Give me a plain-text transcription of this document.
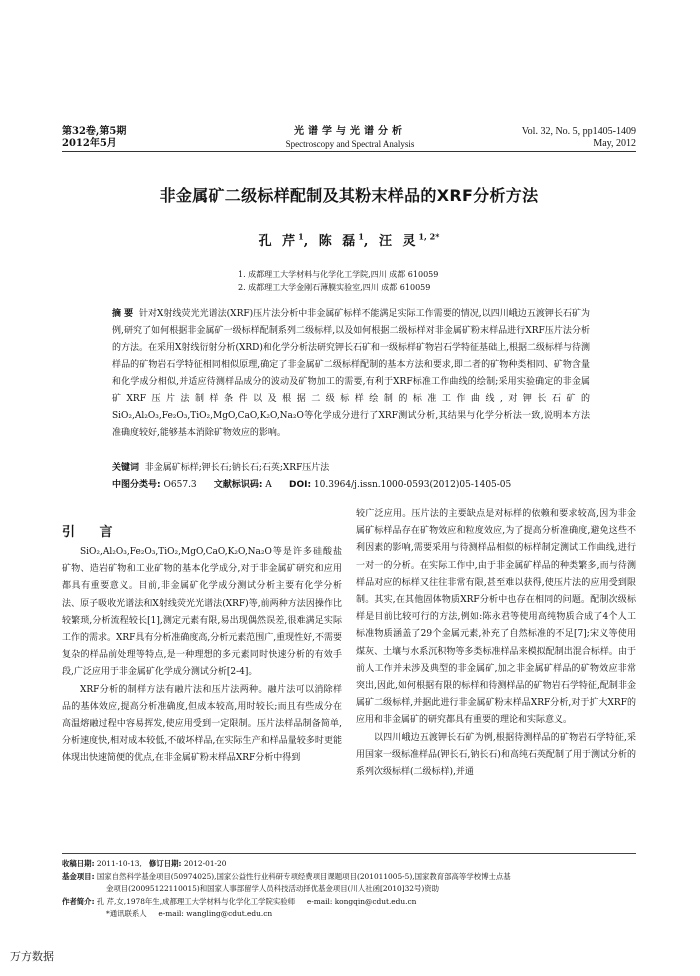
第32卷,第5期
2012年5月
光谱学与光谱分析
Spectroscopy and Spectral Analysis
Vol. 32, No. 5, pp1405-1409
May, 2012
非金属矿二级标样配制及其粉末样品的XRF分析方法
孔 芹$^1$, 陈 磊$^1$, 汪 灵$^{1, 2*}$
1. 成都理工大学材料与化学化工学院,四川 成都 610059
2. 成都理工大学金刚石薄膜实验室,四川 成都 610059
摘 要 针对X射线荧光光谱法(XRF)压片法分析中非金属矿标样不能满足实际工作需要的情况,以四川峨边五渡钾长石矿为例,研究了如何根据非金属矿一级标样配制系列二级标样,以及如何根据二级标样对非金属矿粉末样品进行XRF压片法分析的方法。在采用X射线衍射分析(XRD)和化学分析法研究钾长石矿和一级标样矿物岩石学特征基础上,根据二级标样与待测样品的矿物岩石学特征相同相似原理,确定了非金属矿二级标样配制的基本方法和要求,即二者的矿物种类相同、矿物含量和化学成分相似,并适应待测样品成分的波动及矿物加工的需要,有利于XRF标准工作曲线的绘制;采用实验确定的非金属矿XRF压片法制样条件以及根据二级标样绘制的标准工作曲线,对钾长石矿的SiO₂,Al₂O₃,Fe₂O₃,TiO₂,MgO,CaO,K₂O,Na₂O等化学成分进行了XRF测试分析,其结果与化学分析法一致,说明本方法准确度较好,能够基本消除矿物效应的影响。
关键词 非金属矿标样;钾长石;钠长石;石英;XRF压片法
中图分类号: O657.3 文献标识码: A DOI: 10.3964/j.issn.1000-0593(2012)05-1405-05
引 言

SiO₂,Al₂O₃,Fe₂O₃,TiO₂,MgO,CaO,K₂O,Na₂O等是许多硅酸盐矿物、造岩矿物和工业矿物的基本化学成分,对于非金属矿研究和应用都具有重要意义。目前,非金属矿化学成分测试分析主要有化学分析法、原子吸收光谱法和X射线荧光光谱法(XRF)等,前两种方法因操作比较繁琐,分析流程较长[1],测定元素有限,易出现偶然误差,很难满足实际工作的需求。XRF具有分析准确度高,分析元素范围广,重现性好,不需要复杂的样品前处理等特点,是一种理想的多元素同时快速分析的有效手段,广泛应用于非金属矿化学成分测试分析[2-4]。

XRF分析的制样方法有融片法和压片法两种。融片法可以消除样品的基体效应,提高分析准确度,但成本较高,用时较长;而且有些成分在高温熔融过程中容易挥发,使应用受到一定限制。压片法样品制备简单,分析速度快,相对成本较低,不破坏样品,在实际生产和样品量较多时更能体现出快速简便的优点,在非金属矿粉末样品XRF分析中得到

较广泛应用。压片法的主要缺点是对标样的依赖和要求较高,因为非金属矿标样品存在矿物效应和粒度效应,为了提高分析准确度,避免这些不利因素的影响,需要采用与待测样品相似的标样制定测试工作曲线,进行一对一的分析。在实际工作中,由于非金属矿样品的种类繁多,而与待测样品对应的标样又往往非常有限,甚至难以获得,使压片法的应用受到限制。其实,在其他固体物质XRF分析中也存在相同的问题。配制次级标样是目前比较可行的方法,例如:陈永君等使用高纯物质合成了4个人工标准物质涵盖了29个金属元素,补充了自然标准的不足[7];宋义等使用煤灰、土壤与水系沉积物等多类标准样品来模拟配制出混合标样。由于前人工作并未涉及典型的非金属矿,加之非金属矿样品的矿物效应非常突出,因此,如何根据有限的标样和待测样品的矿物岩石学特征,配制非金属矿二级标样,并据此进行非金属矿粉末样品XRF分析,对于扩大XRF的应用和非金属矿的研究都具有重要的理论和实际意义。

以四川峨边五渡钾长石矿为例,根据待测样品的矿物岩石学特征,采用国家一级标准样品(钾长石,钠长石)和高纯石英配制了用于测试分析的系列次级标样(二级标样),并通

收稿日期: 2011-10-13, 修订日期: 2012-01-20
基金项目: 国家自然科学基金项目(50974025),国家公益性行业科研专项经费项目课题项目(201011005-5),国家教育部高等学校博士点基
金项目(20095122110015)和国家人事部留学人员科技活动择优基金项目(川人社函[2010]32号)资助
作者简介: 孔 芹,女,1978年生,成都理工大学材料与化学化工学院实验师 e-mail: kongqin@cdut.edu.cn
*通讯联系人 e-mail: wangling@cdut.edu.cn
万方数据
